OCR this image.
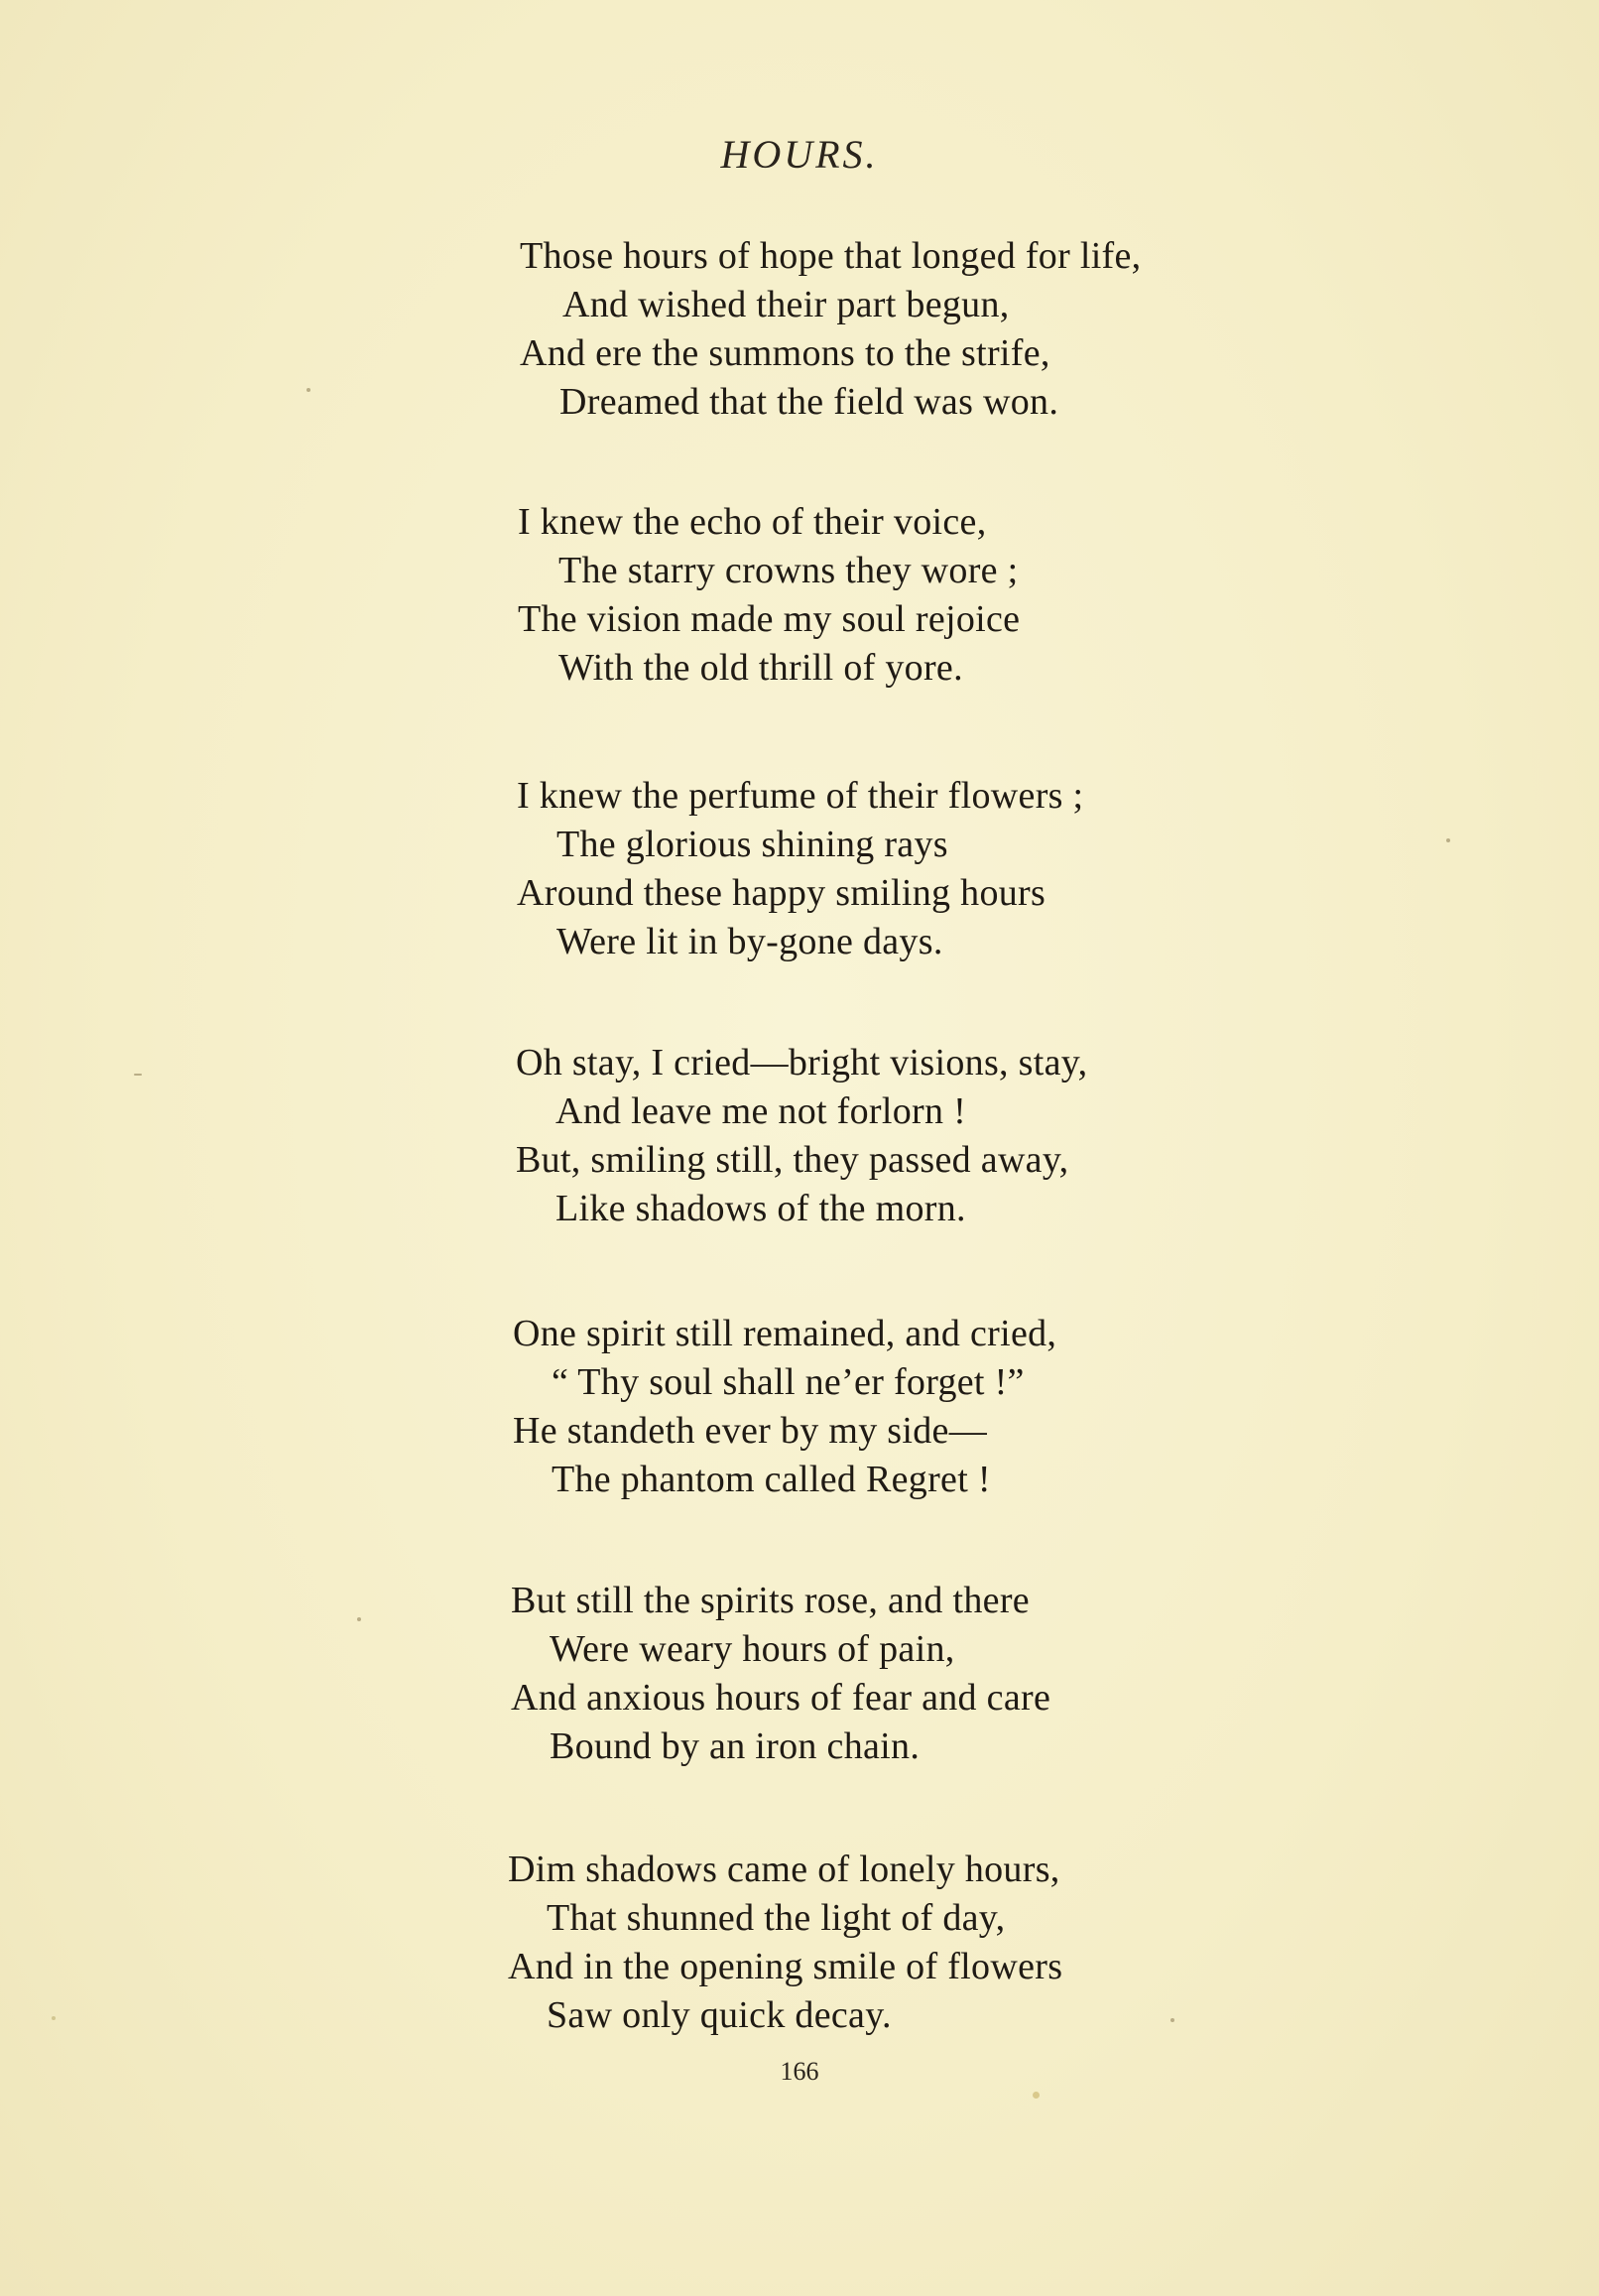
HOURS.
Those hours of hope that longed for life,
And wished their part begun,
And ere the summons to the strife,
Dreamed that the field was won.
I knew the echo of their voice,
The starry crowns they wore ;
The vision made my soul rejoice
With the old thrill of yore.
I knew the perfume of their flowers ;
The glorious shining rays
Around these happy smiling hours
Were lit in by-gone days.
Oh stay, I cried—bright visions, stay,
And leave me not forlorn !
But, smiling still, they passed away,
Like shadows of the morn.
One spirit still remained, and cried,
“ Thy soul shall ne’er forget !”
He standeth ever by my side—
The phantom called Regret !
But still the spirits rose, and there
Were weary hours of pain,
And anxious hours of fear and care
Bound by an iron chain.
Dim shadows came of lonely hours,
That shunned the light of day,
And in the opening smile of flowers
Saw only quick decay.
166
